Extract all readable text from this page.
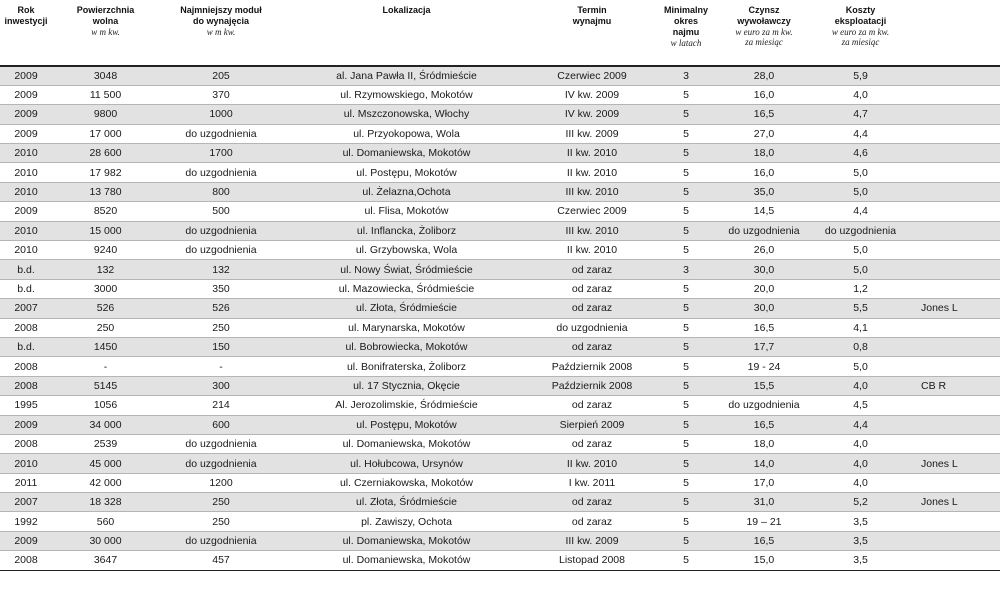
Rok
inwestycji	Powierzchnia
wolna
w m kw.	Najmniejszy moduł
do wynajęcia
w m kw.	Lokalizacja	Termin
wynajmu	Minimalny
okres
najmu
w latach	Czynsz
wywoławczy
w euro za m kw.
za miesiąc	Koszty
eksploatacji
w euro za m kw.
za miesiąc	

2009	3048	205	al. Jana Pawła II, Śródmieście	Czerwiec 2009	3	28,0	5,9	
2009	11 500	370	ul. Rzymowskiego, Mokotów	IV kw. 2009	5	16,0	4,0	
2009	9800	1000	ul. Mszczonowska, Włochy	IV kw. 2009	5	16,5	4,7	
2009	17 000	do uzgodnienia	ul. Przyokopowa, Wola	III kw. 2009	5	27,0	4,4	
2010	28 600	1700	ul. Domaniewska, Mokotów	II kw. 2010	5	18,0	4,6	
2010	17 982	do uzgodnienia	ul. Postępu, Mokotów	II kw. 2010	5	16,0	5,0	
2010	13 780	800	ul. Żelazna,Ochota	III kw. 2010	5	35,0	5,0	
2009	8520	500	ul. Flisa, Mokotów	Czerwiec 2009	5	14,5	4,4	
2010	15 000	do uzgodnienia	ul. Inflancka, Żoliborz	III kw. 2010	5	do uzgodnienia	do uzgodnienia	
2010	9240	do uzgodnienia	ul. Grzybowska, Wola	II kw. 2010	5	26,0	5,0	
b.d.	132	132	ul. Nowy Świat, Śródmieście	od zaraz	3	30,0	5,0	
b.d.	3000	350	ul. Mazowiecka, Śródmieście	od zaraz	5	20,0	1,2	
2007	526	526	ul. Złota, Śródmieście	od zaraz	5	30,0	5,5	Jones L
2008	250	250	ul. Marynarska, Mokotów	do uzgodnienia	5	16,5	4,1	
b.d.	1450	150	ul. Bobrowiecka, Mokotów	od zaraz	5	17,7	0,8	
2008	-	-	ul. Bonifraterska, Żoliborz	Październik 2008	5	19 - 24	5,0	
2008	5145	300	ul. 17 Stycznia, Okęcie	Październik 2008	5	15,5	4,0	CB R
1995	1056	214	Al. Jerozolimskie, Śródmieście	od zaraz	5	do uzgodnienia	4,5	
2009	34 000	600	ul. Postępu, Mokotów	Sierpień 2009	5	16,5	4,4	
2008	2539	do uzgodnienia	ul. Domaniewska, Mokotów	od zaraz	5	18,0	4,0	
2010	45 000	do uzgodnienia	ul. Hołubcowa, Ursynów	II kw. 2010	5	14,0	4,0	Jones L
2011	42 000	1200	ul. Czerniakowska, Mokotów	I kw. 2011	5	17,0	4,0	
2007	18 328	250	ul. Złota, Śródmieście	od zaraz	5	31,0	5,2	Jones L
1992	560	250	pl. Zawiszy, Ochota	od zaraz	5	19 – 21	3,5	
2009	30 000	do uzgodnienia	ul. Domaniewska, Mokotów	III kw. 2009	5	16,5	3,5	
2008	3647	457	ul. Domaniewska, Mokotów	Listopad 2008	5	15,0	3,5	
